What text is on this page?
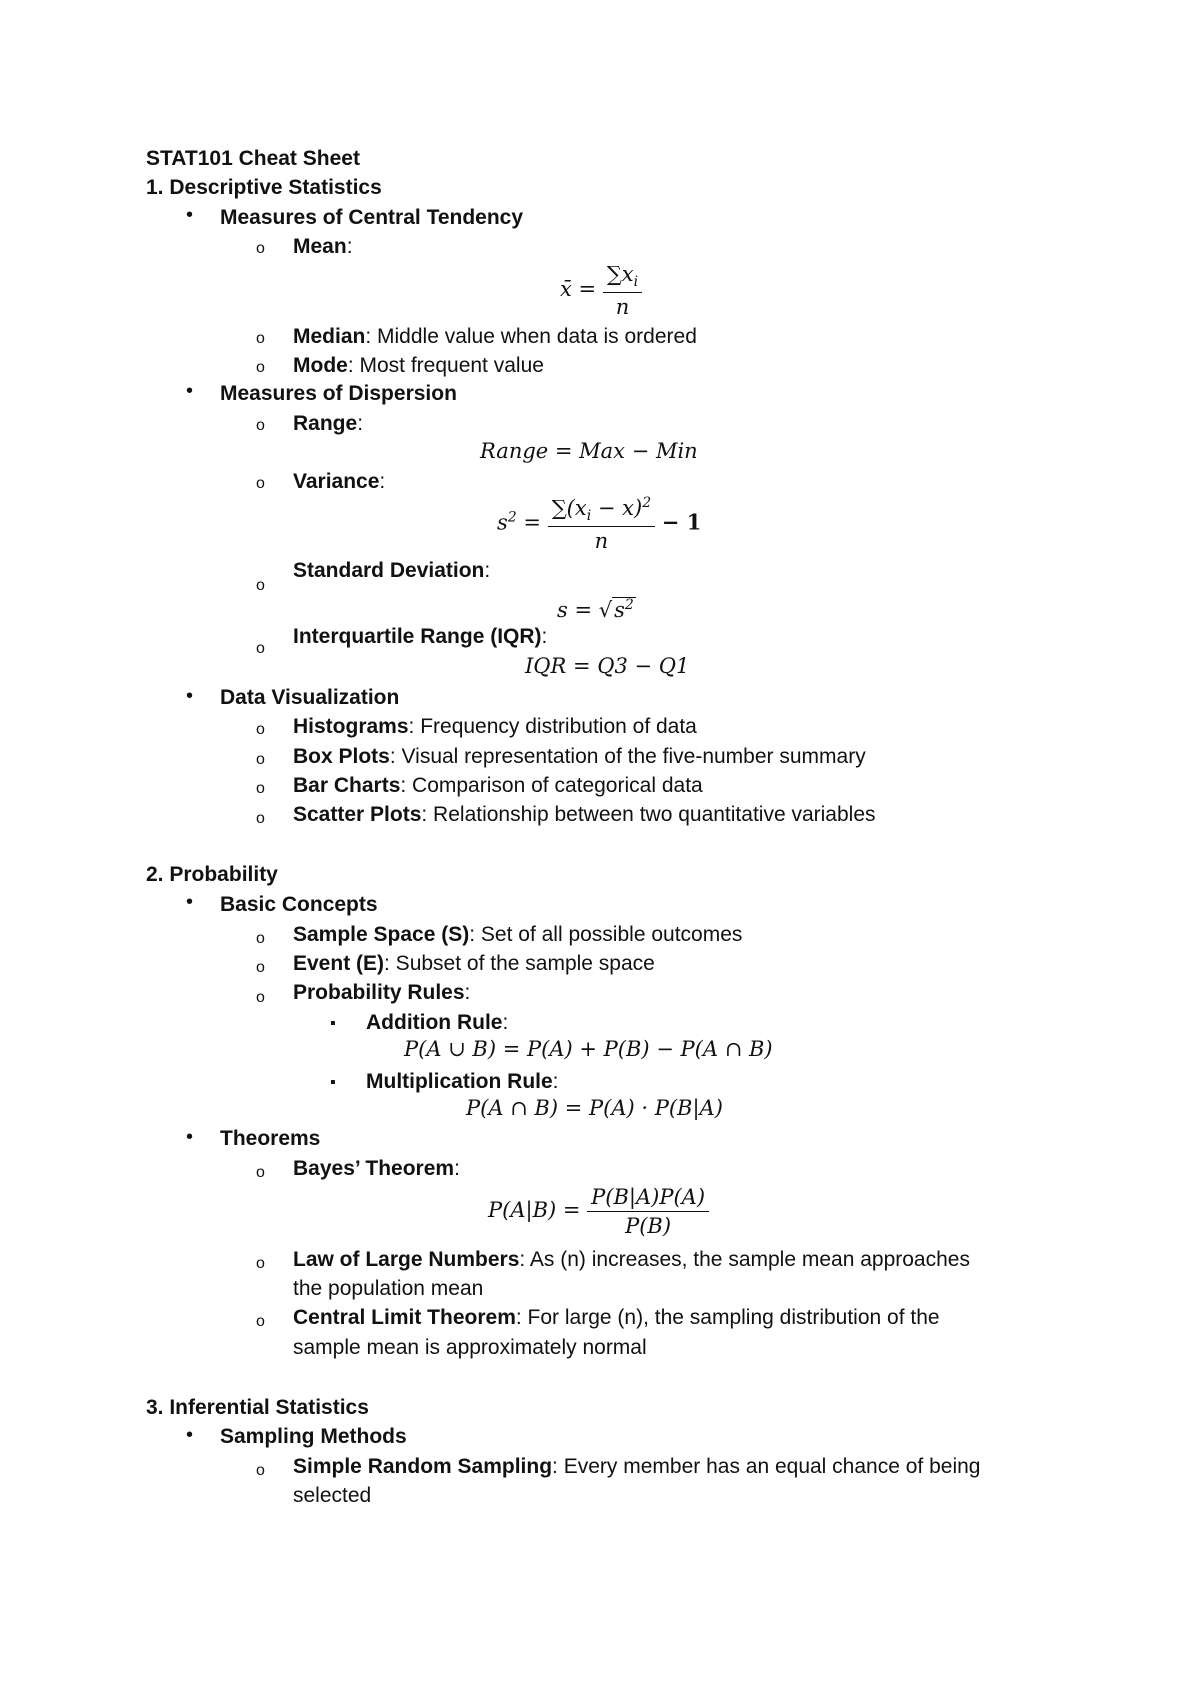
STAT101 Cheat Sheet
1. Descriptive Statistics
•
Measures of Central Tendency
o
Mean:
x̄ = $\frac{\sum x_i}{n}$
o
Median: Middle value when data is ordered
o
Mode: Most frequent value
•
Measures of Dispersion
o
Range:
Range = Max − Min
o
Variance:
$s^2 = \frac{\sum(x_i - x)^2}{n} - 1$
o
Standard Deviation:
$s = √s^2$
o
Interquartile Range (IQR):
IQR = Q3 − Q1
•
Data Visualization
o
Histograms: Frequency distribution of data
o
Box Plots: Visual representation of the five-number summary
o
Bar Charts: Comparison of categorical data
o
Scatter Plots: Relationship between two quantitative variables
2. Probability
•
Basic Concepts
o
Sample Space (S): Set of all possible outcomes
o
Event (E): Subset of the sample space
o
Probability Rules:
▪
Addition Rule:
P(A ∪ B) = P(A) + P(B) − P(A ∩ B)
▪
Multiplication Rule:
P(A ∩ B) = P(A) · P(B|A)
•
Theorems
o
Bayes’ Theorem:
$P(A|B) = \frac{P(B|A)P(A)}{P(B)}$
o
Law of Large Numbers: As (n) increases, the sample mean approaches
the population mean
o
Central Limit Theorem: For large (n), the sampling distribution of the
sample mean is approximately normal
3. Inferential Statistics
•
Sampling Methods
o
Simple Random Sampling: Every member has an equal chance of being
selected
